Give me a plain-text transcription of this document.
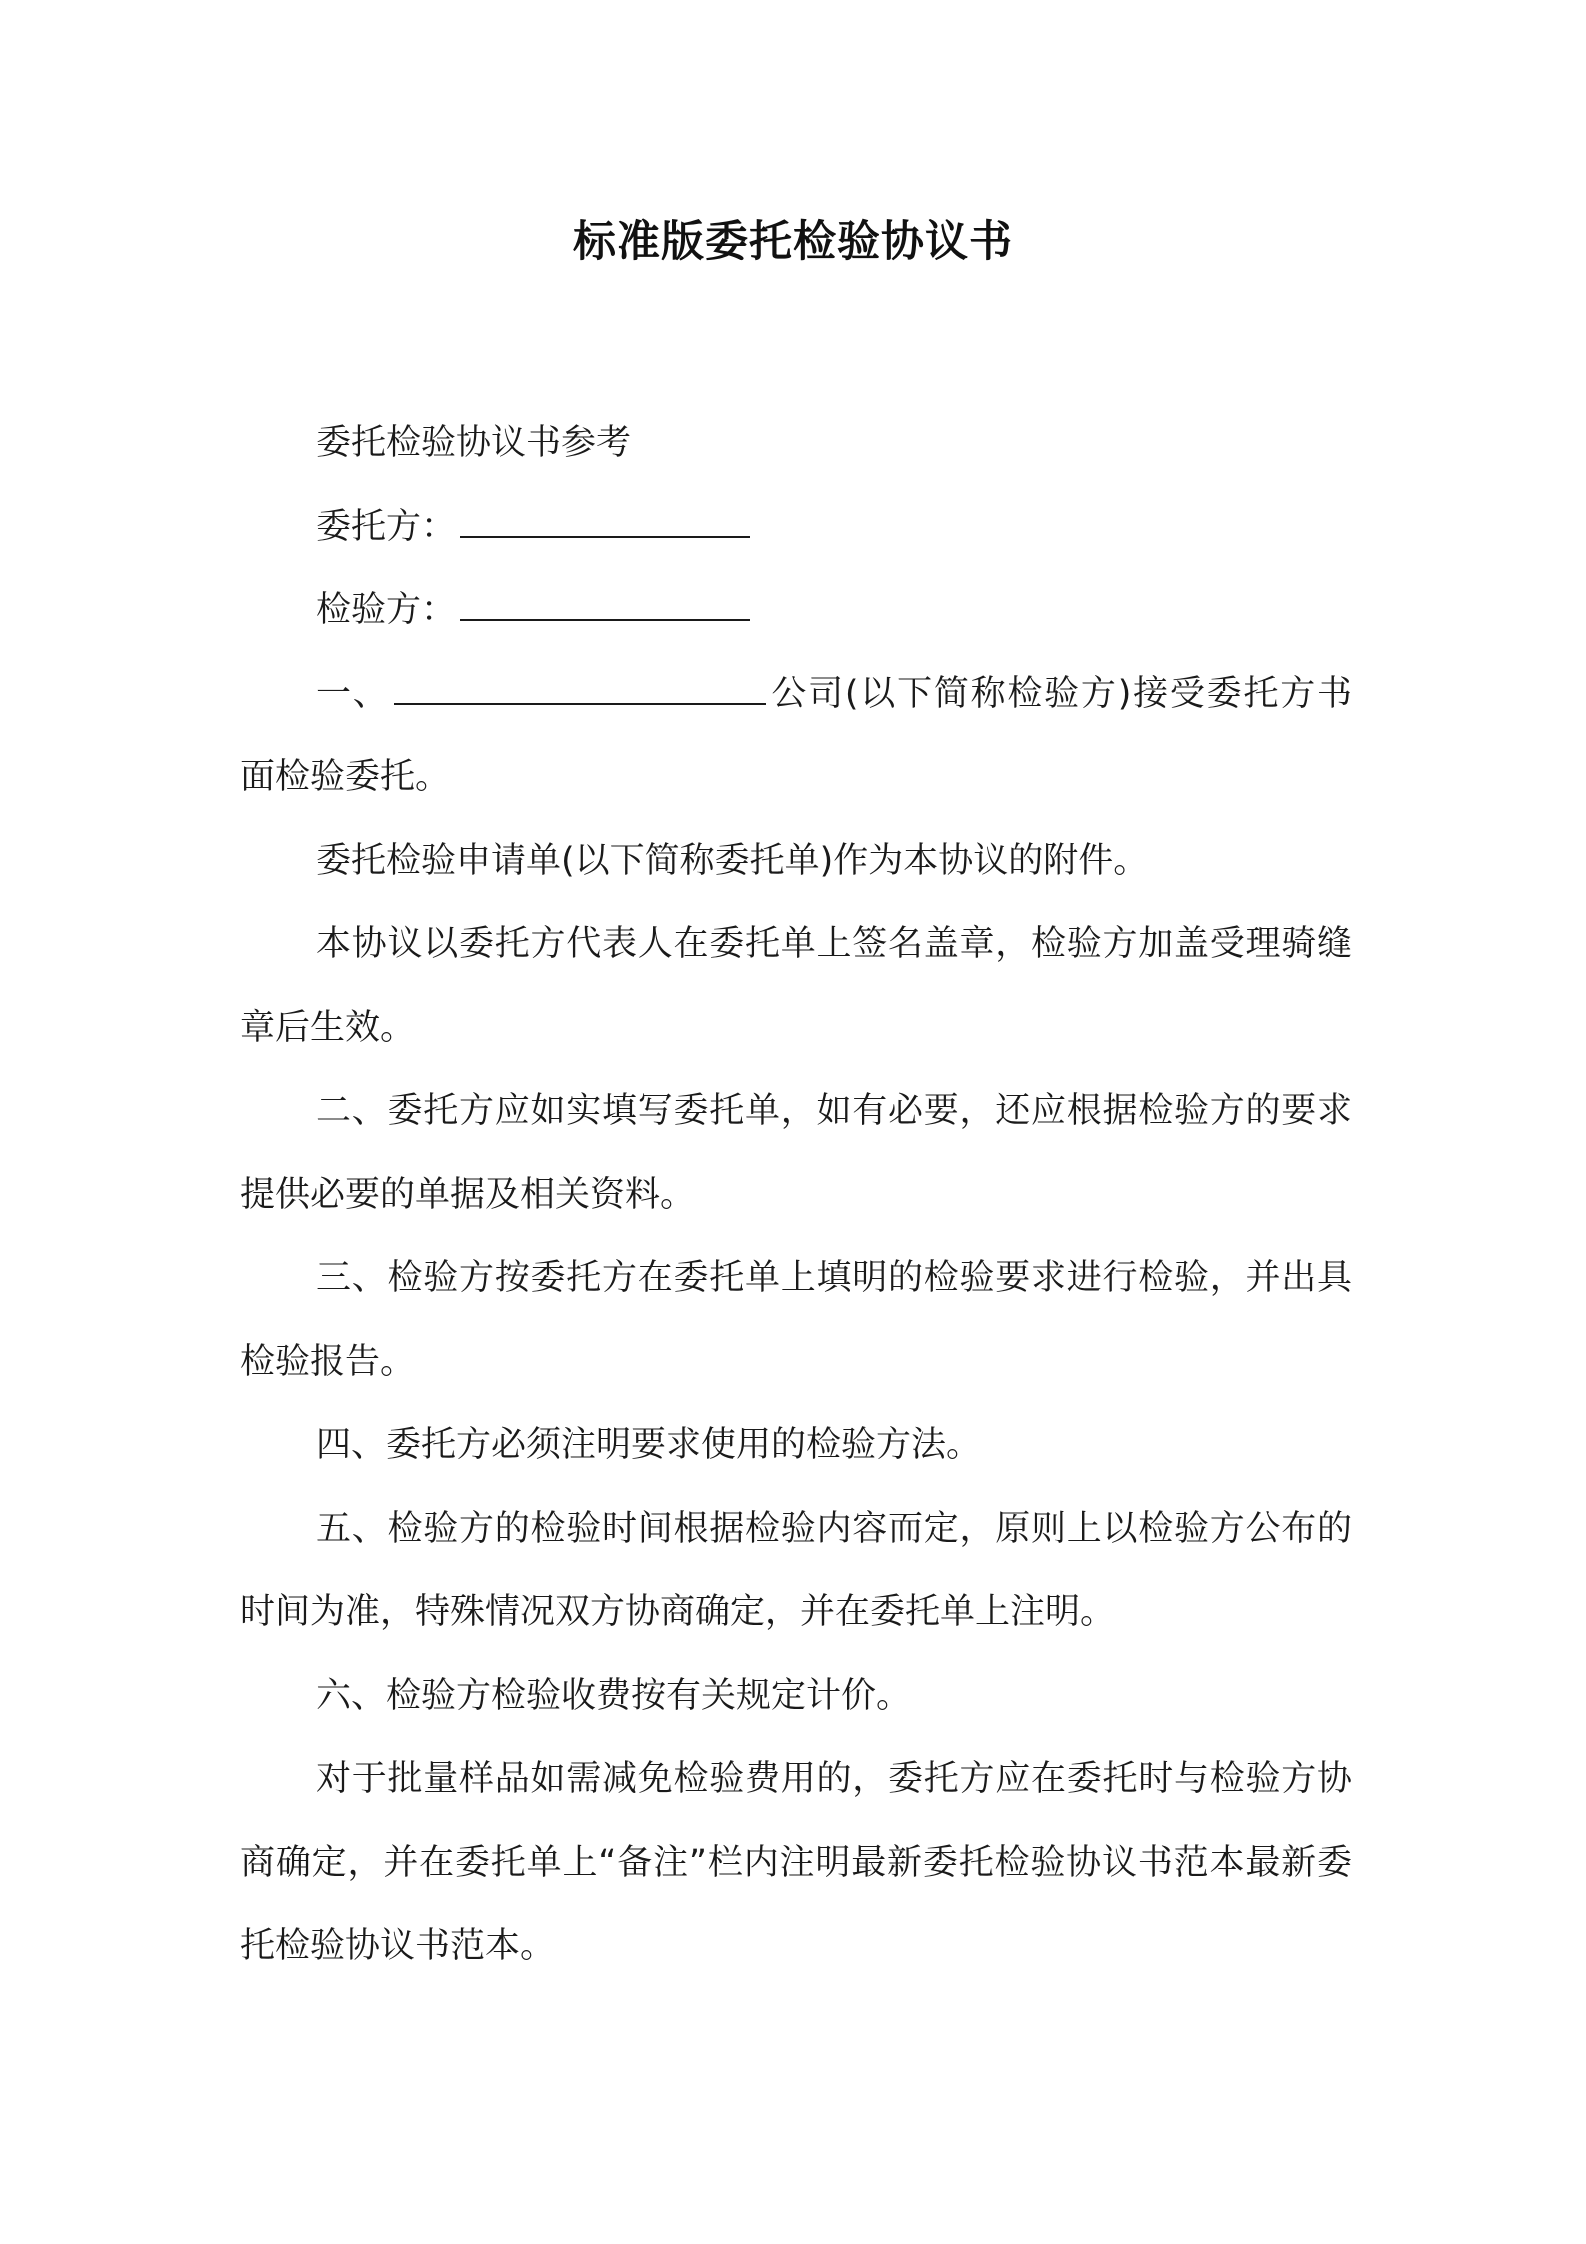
标准版委托检验协议书

委托检验协议书参考

委托方：

检验方：

一、	公司(以下简称检验方)接受委托方书面检验委托。

委托检验申请单(以下简称委托单)作为本协议的附件。

本协议以委托方代表人在委托单上签名盖章，检验方加盖受理骑缝章后生效。

二、委托方应如实填写委托单，如有必要，还应根据检验方的要求提供必要的单据及相关资料。

三、检验方按委托方在委托单上填明的检验要求进行检验，并出具检验报告。

四、委托方必须注明要求使用的检验方法。

五、检验方的检验时间根据检验内容而定，原则上以检验方公布的时间为准，特殊情况双方协商确定，并在委托单上注明。

六、检验方检验收费按有关规定计价。

对于批量样品如需减免检验费用的，委托方应在委托时与检验方协商确定，并在委托单上“备注”栏内注明最新委托检验协议书范本最新委托检验协议书范本。
